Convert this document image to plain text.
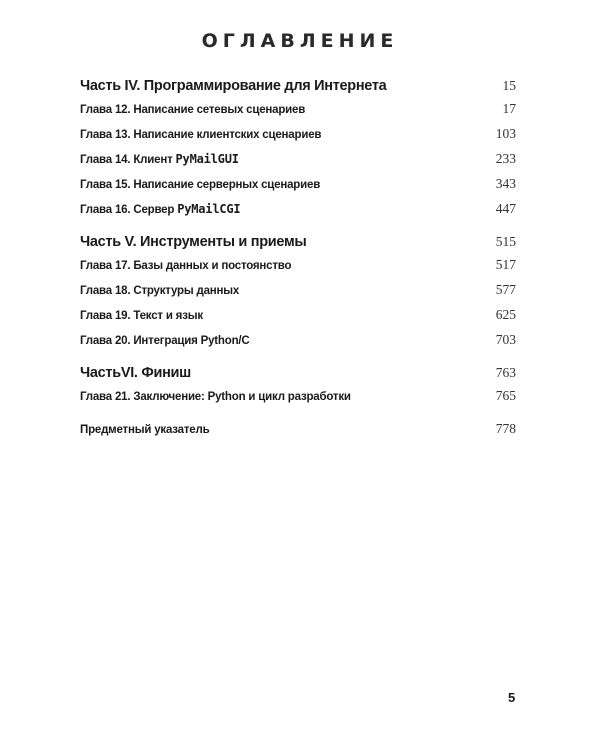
ОГЛАВЛЕНИЕ
Часть IV. Программирование для Интернета	15
Глава 12. Написание сетевых сценариев	17
Глава 13. Написание клиентских сценариев	103
Глава 14. Клиент PyMailGUI	233
Глава 15. Написание серверных сценариев	343
Глава 16. Сервер PyMailCGI	447
Часть V. Инструменты и приемы	515
Глава 17. Базы данных и постоянство	517
Глава 18. Структуры данных	577
Глава 19. Текст и язык	625
Глава 20. Интеграция Python/C	703
ЧастьVI. Финиш	763
Глава 21. Заключение: Python и цикл разработки	765
Предметный указатель	778
5
